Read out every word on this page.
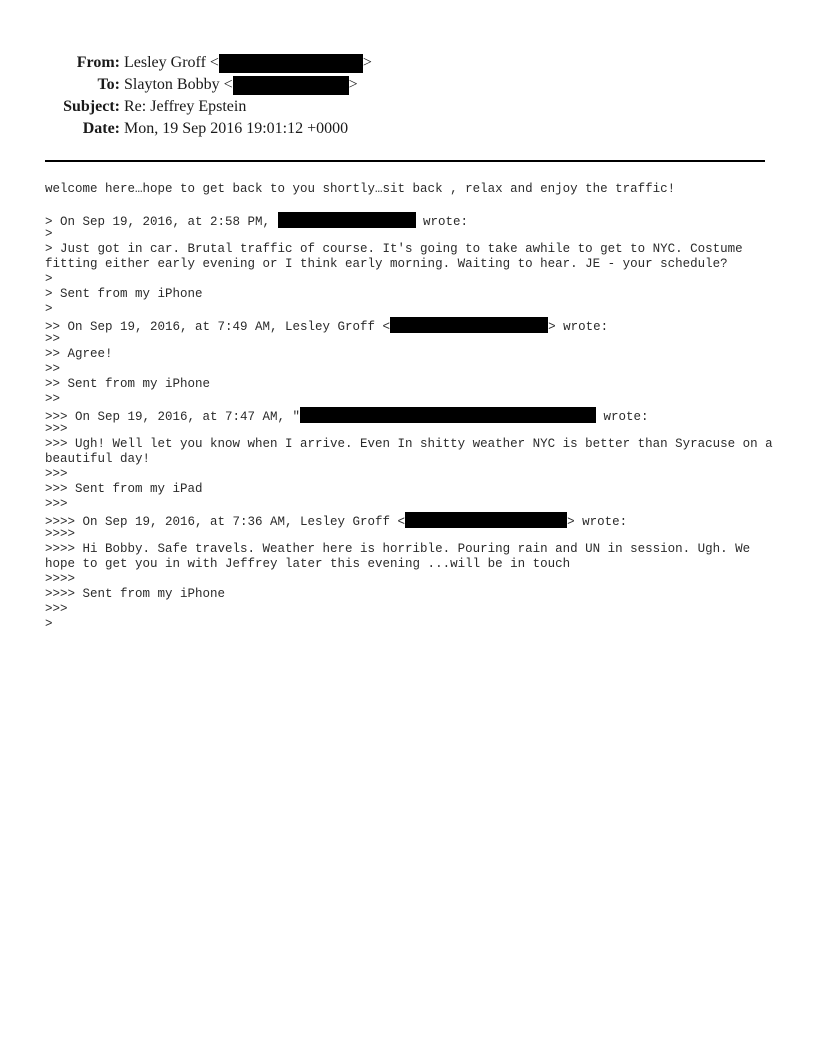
From: Lesley Groff <	>
To: Slayton Bobby <	>
Subject: Re: Jeffrey Epstein
Date: Mon, 19 Sep 2016 19:01:12 +0000
welcome here…hope to get back to you shortly…sit back , relax and enjoy the traffic!
> On Sep 19, 2016, at 2:58 PM,	wrote:
>
> Just got in car. Brutal traffic of course. It's going to take awhile to get to NYC. Costume fitting either early evening or I think early morning. Waiting to hear. JE - your schedule?
>
> Sent from my iPhone
>
>> On Sep 19, 2016, at 7:49 AM, Lesley Groff <	> wrote:
>>
>> Agree!
>>
>> Sent from my iPhone
>>
>>> On Sep 19, 2016, at 7:47 AM, "	wrote:
>>>
>>> Ugh! Well let you know when I arrive. Even In shitty weather NYC is better than Syracuse on a beautiful day!
>>>
>>> Sent from my iPad
>>>
>>>> On Sep 19, 2016, at 7:36 AM, Lesley Groff <	> wrote:
>>>>
>>>> Hi Bobby. Safe travels. Weather here is horrible. Pouring rain and UN in session. Ugh. We hope to get you in with Jeffrey later this evening ...will be in touch
>>>>
>>>> Sent from my iPhone
>>>
>
